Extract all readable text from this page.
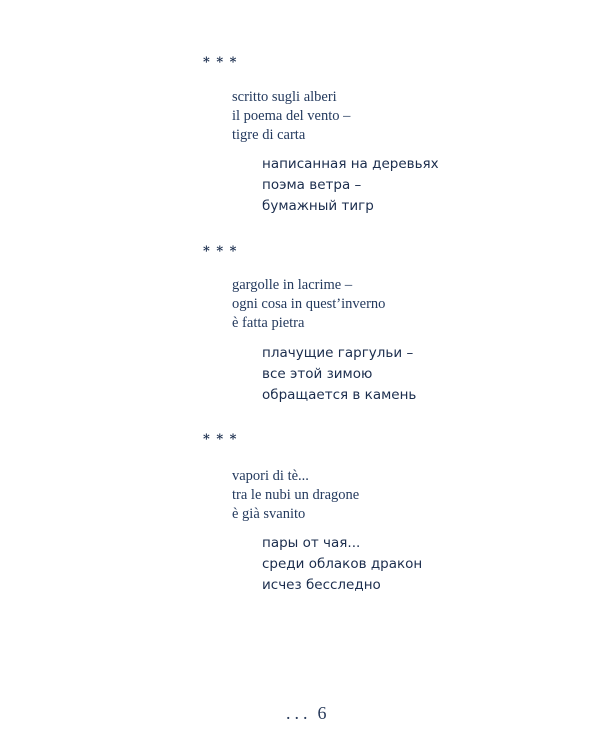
* * *
scritto sugli alberi
il poema del vento –
tigre di carta
написанная на деревьях
поэма ветра –
бумажный тигр
* * *
gargolle in lacrime –
ogni cosa in quest’inverno
è fatta pietra
плачущие гаргульи –
все этой зимою
обращается в камень
* * *
vapori di tè...
tra le nubi un dragone
è già svanito
пары от чая...
среди облаков дракон
исчез бесследно
... 6
